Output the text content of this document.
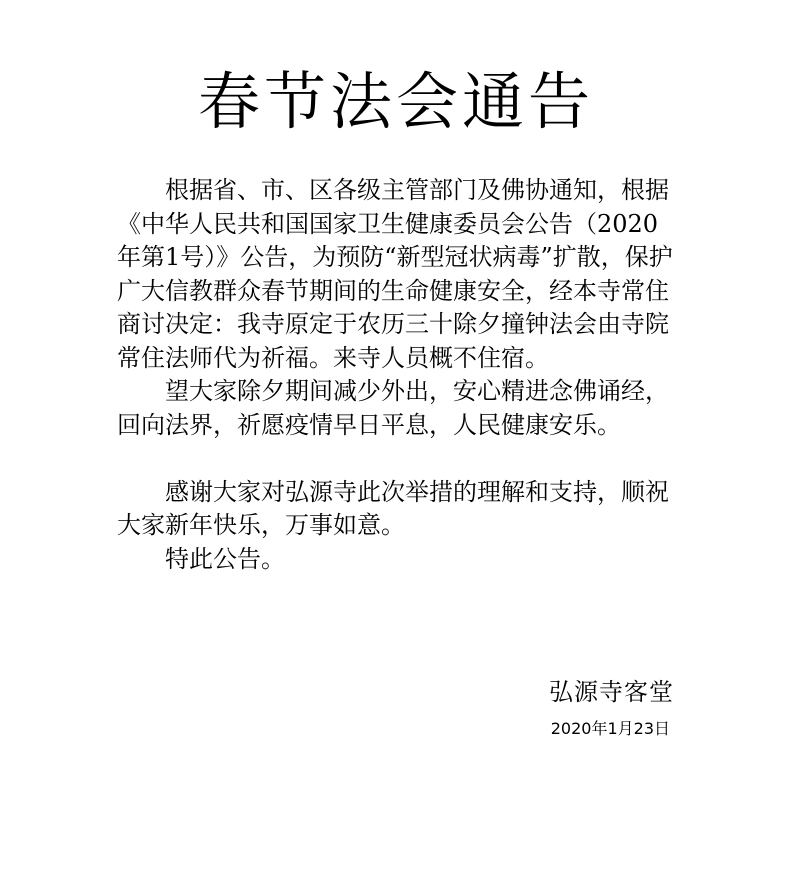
春节法会通告

根据省、市、区各级主管部门及佛协通知，根据《中华人民共和国国家卫生健康委员会公告（2020年第1号）》公告，为预防“新型冠状病毒”扩散，保护广大信教群众春节期间的生命健康安全，经本寺常住商讨决定：我寺原定于农历三十除夕撞钟法会由寺院常住法师代为祈福。来寺人员概不住宿。

望大家除夕期间减少外出，安心精进念佛诵经，回向法界，祈愿疫情早日平息，人民健康安乐。

感谢大家对弘源寺此次举措的理解和支持，顺祝大家新年快乐，万事如意。

特此公告。

弘源寺客堂

2020年1月23日
